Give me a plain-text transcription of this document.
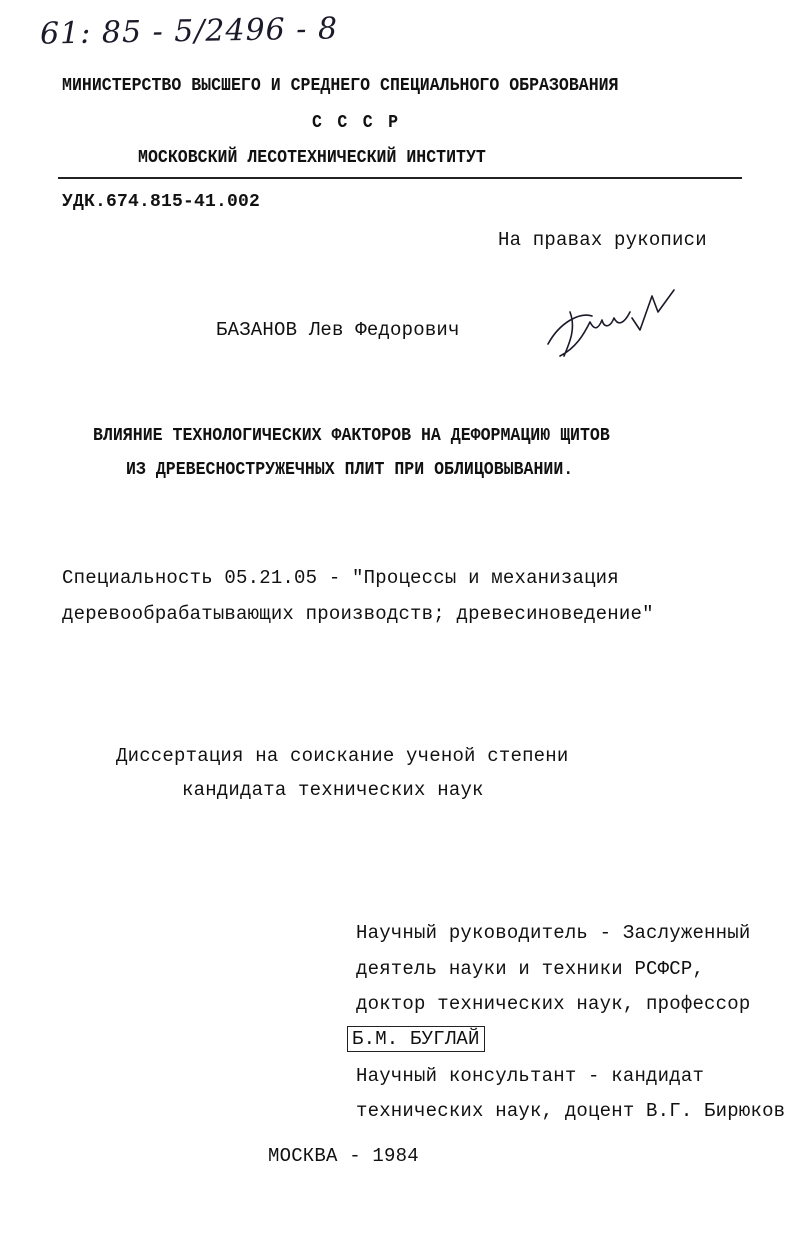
61: 85 - 5/2496 - 8
МИНИСТЕРСТВО ВЫСШЕГО И СРЕДНЕГО СПЕЦИАЛЬНОГО ОБРАЗОВАНИЯ
С С С Р
МОСКОВСКИЙ ЛЕСОТЕХНИЧЕСКИЙ ИНСТИТУТ
УДК.674.815-41.002
На правах рукописи
БАЗАНОВ Лев Федорович
ВЛИЯНИЕ ТЕХНОЛОГИЧЕСКИХ ФАКТОРОВ НА ДЕФОРМАЦИЮ ЩИТОВ
ИЗ ДРЕВЕСНОСТРУЖЕЧНЫХ ПЛИТ ПРИ ОБЛИЦОВЫВАНИИ.
Специальность 05.21.05 - "Процессы и механизация
деревообрабатывающих производств; древесиноведение"
Диссертация на соискание ученой степени
кандидата технических наук
Научный руководитель - Заслуженный
деятель науки и техники РСФСР,
доктор технических наук, профессор
Б.М. БУГЛАЙ
Научный консультант - кандидат
технических наук, доцент В.Г. Бирюков
МОСКВА - 1984
